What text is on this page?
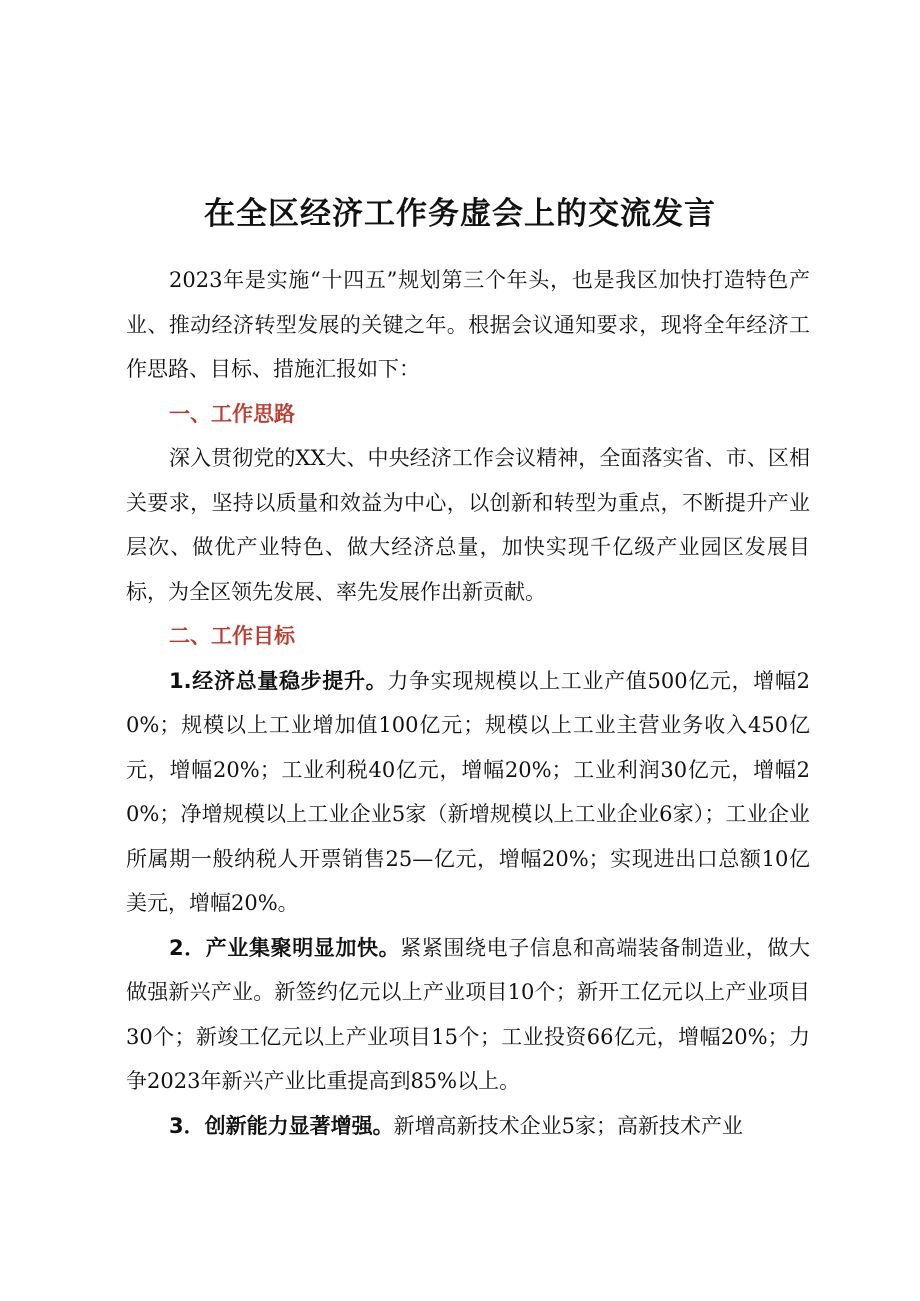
在全区经济工作务虚会上的交流发言

2023年是实施“十四五”规划第三个年头，也是我区加快打造特色产业、推动经济转型发展的关键之年。根据会议通知要求，现将全年经济工作思路、目标、措施汇报如下：

一、工作思路

深入贯彻党的XX大、中央经济工作会议精神，全面落实省、市、区相关要求，坚持以质量和效益为中心，以创新和转型为重点，不断提升产业层次、做优产业特色、做大经济总量，加快实现千亿级产业园区发展目标，为全区领先发展、率先发展作出新贡献。

二、工作目标

1.经济总量稳步提升。力争实现规模以上工业产值500亿元，增幅20%；规模以上工业增加值100亿元；规模以上工业主营业务收入450亿元，增幅20%；工业利税40亿元，增幅20%；工业利润30亿元，增幅20%；净增规模以上工业企业5家（新增规模以上工业企业6家）；工业企业所属期一般纳税人开票销售25—亿元，增幅20%；实现进出口总额10亿美元，增幅20%。

2．产业集聚明显加快。紧紧围绕电子信息和高端装备制造业，做大做强新兴产业。新签约亿元以上产业项目10个；新开工亿元以上产业项目30个；新竣工亿元以上产业项目15个；工业投资66亿元，增幅20%；力争2023年新兴产业比重提高到85%以上。

3．创新能力显著增强。新增高新技术企业5家；高新技术产业
